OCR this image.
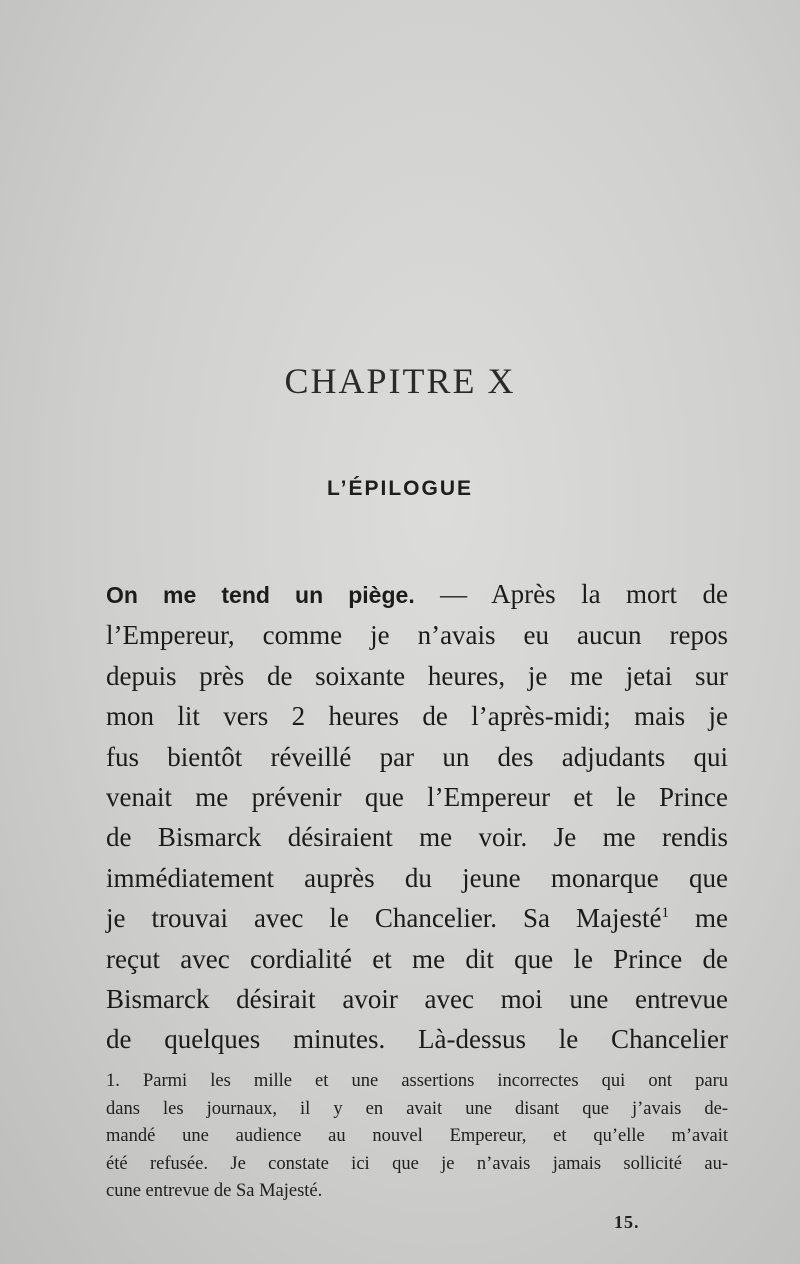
CHAPITRE X
L’ÉPILOGUE
On me tend un piège. — Après la mort de
l’Empereur, comme je n’avais eu aucun repos
depuis près de soixante heures, je me jetai sur
mon lit vers 2 heures de l’après-midi; mais je
fus bientôt réveillé par un des adjudants qui
venait me prévenir que l’Empereur et le Prince
de Bismarck désiraient me voir. Je me rendis
immédiatement auprès du jeune monarque que
je trouvai avec le Chancelier. Sa Majesté$^1$ me
reçut avec cordialité et me dit que le Prince de
Bismarck désirait avoir avec moi une entrevue
de quelques minutes. Là-dessus le Chancelier
1. Parmi les mille et une assertions incorrectes qui ont paru
dans les journaux, il y en avait une disant que j’avais de-
mandé une audience au nouvel Empereur, et qu’elle m’avait
été refusée. Je constate ici que je n’avais jamais sollicité au-
cune entrevue de Sa Majesté.
15.
